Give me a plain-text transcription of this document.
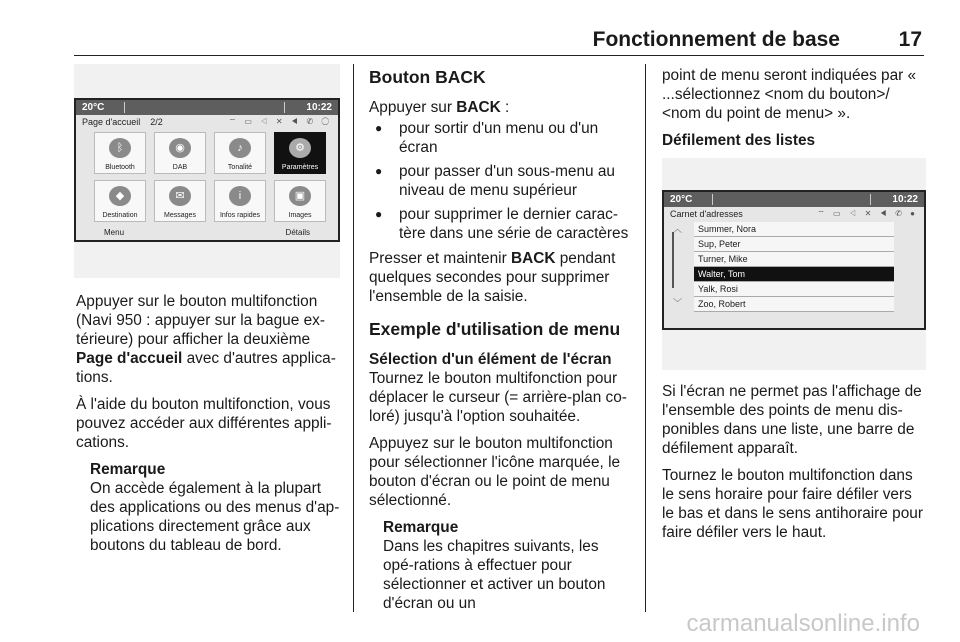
Fonctionnement de base	17
20°C	10:22
Page d'accueil 2/2	⌔ ▭ ◁ ✕ ◀ ✆ ◯
ᛒ
Bluetooth
◉
DAB
♪
Tonalité
⚙
Paramètres
◆
Destination
✉
Messages
i
Infos rapides
▣
Images
Menu	Détails

Appuyer sur le bouton multifonction (Navi 950 : appuyer sur la bague ex-térieure) pour afficher la deuxième Page d'accueil avec d'autres applica-tions.

À l'aide du bouton multifonction, vous pouvez accéder aux différentes appli-cations.

Remarque
On accède également à la plupart des applications ou des menus d'ap-plications directement grâce aux boutons du tableau de bord.
Bouton BACK

Appuyer sur BACK :

● pour sortir d'un menu ou d'un écran
● pour passer d'un sous-menu au niveau de menu supérieur
● pour supprimer le dernier carac-tère dans une série de caractères

Presser et maintenir BACK pendant quelques secondes pour supprimer l'ensemble de la saisie.

Exemple d'utilisation de menu
Sélection d'un élément de l'écran

Tournez le bouton multifonction pour déplacer le curseur (= arrière-plan co-loré) jusqu'à l'option souhaitée.

Appuyez sur le bouton multifonction pour sélectionner l'icône marquée, le bouton d'écran ou le point de menu sélectionné.

Remarque
Dans les chapitres suivants, les opé-rations à effectuer pour sélectionner et activer un bouton d'écran ou un

point de menu seront indiquées par « ...sélectionnez <nom du bouton>/ <nom du point de menu> ».

Défilement des listes
20°C	10:22
Carnet d'adresses	⌔ ▭ ◁ ✕ ◀ ✆ ●
︿
﹀
Summer, Nora
Sup, Peter
Turner, Mike
Walter, Tom
Yalk, Rosi
Zoo, Robert

Si l'écran ne permet pas l'affichage de l'ensemble des points de menu dis-ponibles dans une liste, une barre de défilement apparaît.

Tournez le bouton multifonction dans le sens horaire pour faire défiler vers le bas et dans le sens antihoraire pour faire défiler vers le haut.

carmanualsonline.info
